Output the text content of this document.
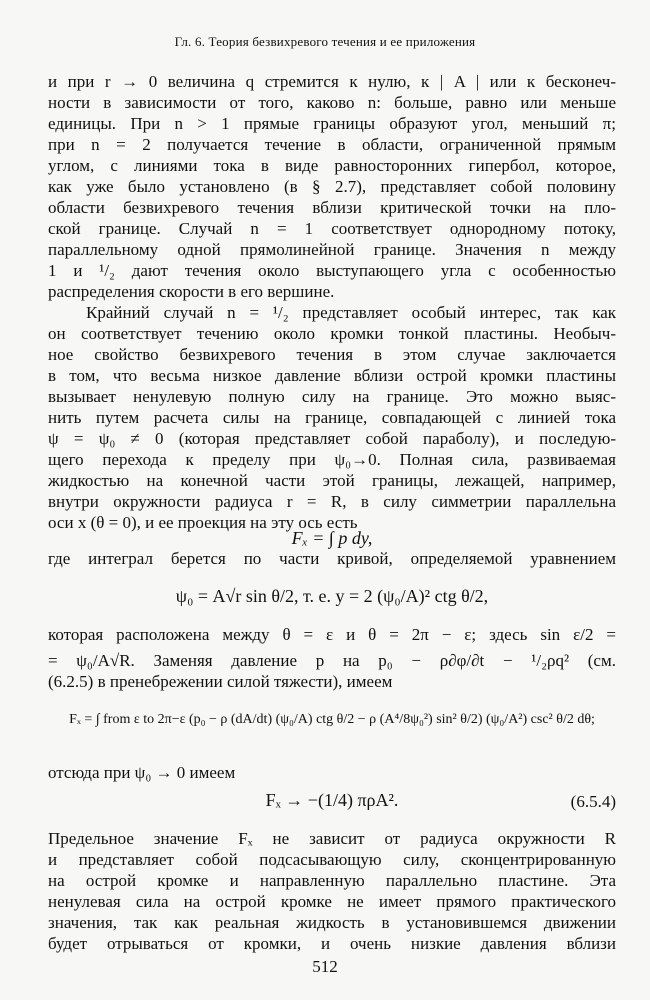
Гл. 6. Теория безвихревого течения и ее приложения
и при r → 0 величина q стремится к нулю, к | A | или к бесконеч-
ности в зависимости от того, каково n: больше, равно или меньше
единицы. При n > 1 прямые границы образуют угол, меньший π;
при n = 2 получается течение в области, ограниченной прямым
углом, с линиями тока в виде равносторонних гипербол, которое,
как уже было установлено (в § 2.7), представляет собой половину
области безвихревого течения вблизи критической точки на пло-
ской границе. Случай n = 1 соответствует однородному потоку,
параллельному одной прямолинейной границе. Значения n между
1 и ¹/₂ дают течения около выступающего угла с особенностью
распределения скорости в его вершине.
Крайний случай n = ¹/₂ представляет особый интерес, так как
он соответствует течению около кромки тонкой пластины. Необыч-
ное свойство безвихревого течения в этом случае заключается
в том, что весьма низкое давление вблизи острой кромки пластины
вызывает ненулевую полную силу на границе. Это можно выяс-
нить путем расчета силы на границе, совпадающей с линией тока
ψ = ψ₀ ≠ 0 (которая представляет собой параболу), и последую-
щего перехода к пределу при ψ₀→0. Полная сила, развиваемая
жидкостью на конечной части этой границы, лежащей, например,
внутри окружности радиуса r = R, в силу симметрии параллельна
оси x (θ = 0), и ее проекция на эту ось есть
Fₓ = ∫ p dy,
где интеграл берется по части кривой, определяемой уравнением
ψ₀ = A√r sin θ/2, т. е. y = 2 (ψ₀/A)² ctg θ/2,
которая расположена между θ = ε и θ = 2π − ε; здесь sin ε/2 =
= ψ₀/A√R. Заменяя давление p на p₀ − ρ∂φ/∂t − ¹/₂ρq² (см.
(6.2.5) в пренебрежении силой тяжести), имеем
Fₓ = ∫ from ε to 2π−ε (p₀ − ρ (dA/dt) (ψ₀/A) ctg θ/2 − ρ (A⁴/8ψ₀²) sin² θ/2) (ψ₀/A²) csc² θ/2 dθ;
отсюда при ψ₀ → 0 имеем
Fₓ → −(1/4) πρA².	(6.5.4)
Предельное значение Fₓ не зависит от радиуса окружности R
и представляет собой подсасывающую силу, сконцентрированную
на острой кромке и направленную параллельно пластине. Эта
ненулевая сила на острой кромке не имеет прямого практического
значения, так как реальная жидкость в установившемся движении
будет отрываться от кромки, и очень низкие давления вблизи
512
